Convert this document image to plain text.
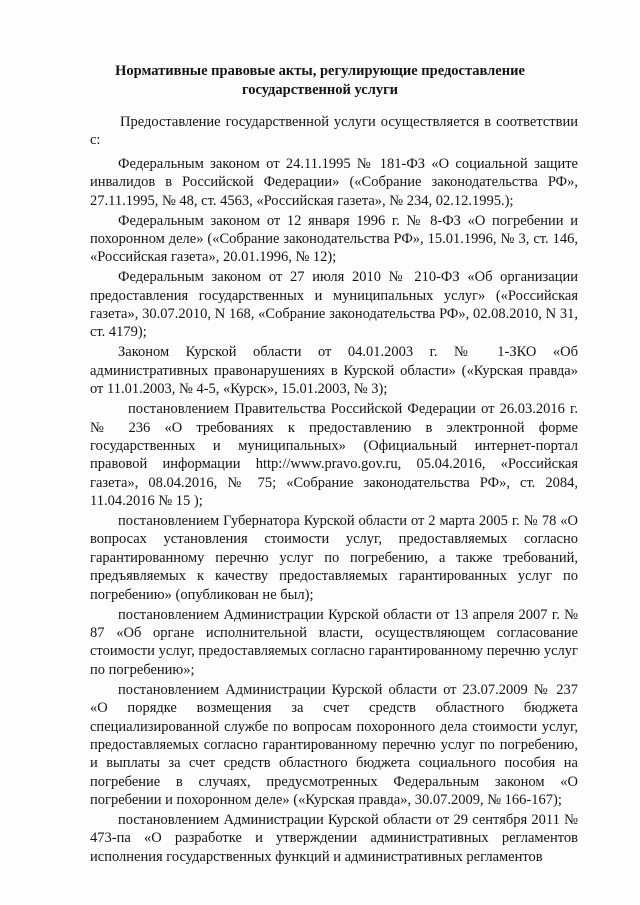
Нормативные правовые акты, регулирующие предоставление государственной услуги

Предоставление государственной услуги осуществляется в соответствии с:

Федеральным законом от 24.11.1995 № 181-ФЗ «О социальной защите инвалидов в Российской Федерации» («Собрание законодательства РФ», 27.11.1995, № 48, ст. 4563, «Российская газета», № 234, 02.12.1995.);

Федеральным законом от 12 января 1996 г. № 8-ФЗ «О погребении и похоронном деле» («Собрание законодательства РФ», 15.01.1996, № 3, ст. 146, «Российская газета», 20.01.1996, № 12);

Федеральным законом от 27 июля 2010 № 210-ФЗ «Об организации предоставления государственных и муниципальных услуг» («Российская газета», 30.07.2010, N 168, «Собрание законодательства РФ», 02.08.2010, N 31, ст. 4179);

Законом Курской области от 04.01.2003 г. № 1-ЗКО «Об административных правонарушениях в Курской области» («Курская правда» от 11.01.2003, № 4-5, «Курск», 15.01.2003, № 3);

постановлением Правительства Российской Федерации от 26.03.2016 г. № 236 «О требованиях к предоставлению в электронной форме государственных и муниципальных» (Официальный интернет-портал правовой информации http://www.pravo.gov.ru, 05.04.2016, «Российская газета», 08.04.2016, № 75; «Собрание законодательства РФ», ст. 2084, 11.04.2016 № 15 );

постановлением Губернатора Курской области от 2 марта 2005 г. № 78 «О вопросах установления стоимости услуг, предоставляемых согласно гарантированному перечню услуг по погребению, а также требований, предъявляемых к качеству предоставляемых гарантированных услуг по погребению» (опубликован не был);

постановлением Администрации Курской области от 13 апреля 2007 г. № 87 «Об органе исполнительной власти, осуществляющем согласование стоимости услуг, предоставляемых согласно гарантированному перечню услуг по погребению»;

постановлением Администрации Курской области от 23.07.2009 № 237 «О порядке возмещения за счет средств областного бюджета специализированной службе по вопросам похоронного дела стоимости услуг, предоставляемых согласно гарантированному перечню услуг по погребению, и выплаты за счет средств областного бюджета социального пособия на погребение в случаях, предусмотренных Федеральным законом «О погребении и похоронном деле» («Курская правда», 30.07.2009, № 166-167);

постановлением Администрации Курской области от 29 сентября 2011 № 473-па «О разработке и утверждении административных регламентов исполнения государственных функций и административных регламентов
